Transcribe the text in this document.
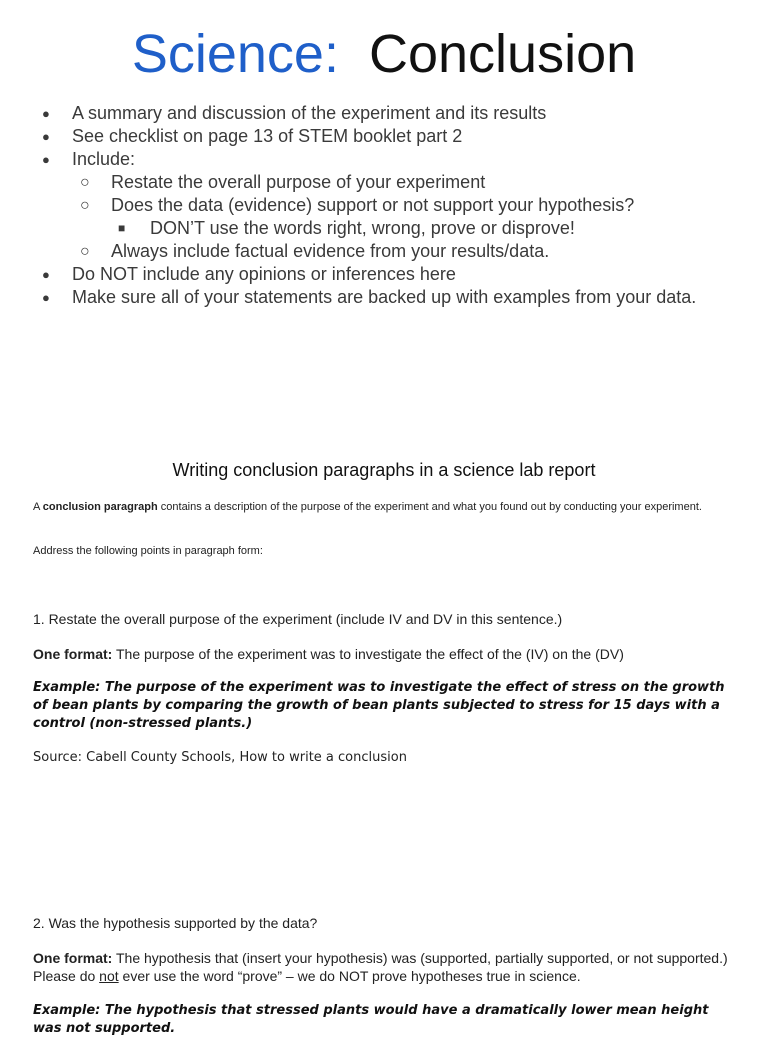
Science: Conclusion
● A summary and discussion of the experiment and its results
● See checklist on page 13 of STEM booklet part 2
● Include:
○ Restate the overall purpose of your experiment
○ Does the data (evidence) support or not support your hypothesis?
■ DON’T use the words right, wrong, prove or disprove!
○ Always include factual evidence from your results/data.
● Do NOT include any opinions or inferences here
● Make sure all of your statements are backed up with examples from your data.
Writing conclusion paragraphs in a science lab report
A conclusion paragraph contains a description of the purpose of the experiment and what you found out by conducting your experiment.
Address the following points in paragraph form:
1. Restate the overall purpose of the experiment (include IV and DV in this sentence.)
One format: The purpose of the experiment was to investigate the effect of the (IV) on the (DV)
Example: The purpose of the experiment was to investigate the effect of stress on the growth of bean plants by comparing the growth of bean plants subjected to stress for 15 days with a control (non-stressed plants.)
Source: Cabell County Schools, How to write a conclusion
2. Was the hypothesis supported by the data?
One format: The hypothesis that (insert your hypothesis) was (supported, partially supported, or not supported.) Please do not ever use the word “prove” – we do NOT prove hypotheses true in science.
Example: The hypothesis that stressed plants would have a dramatically lower mean height was not supported.
